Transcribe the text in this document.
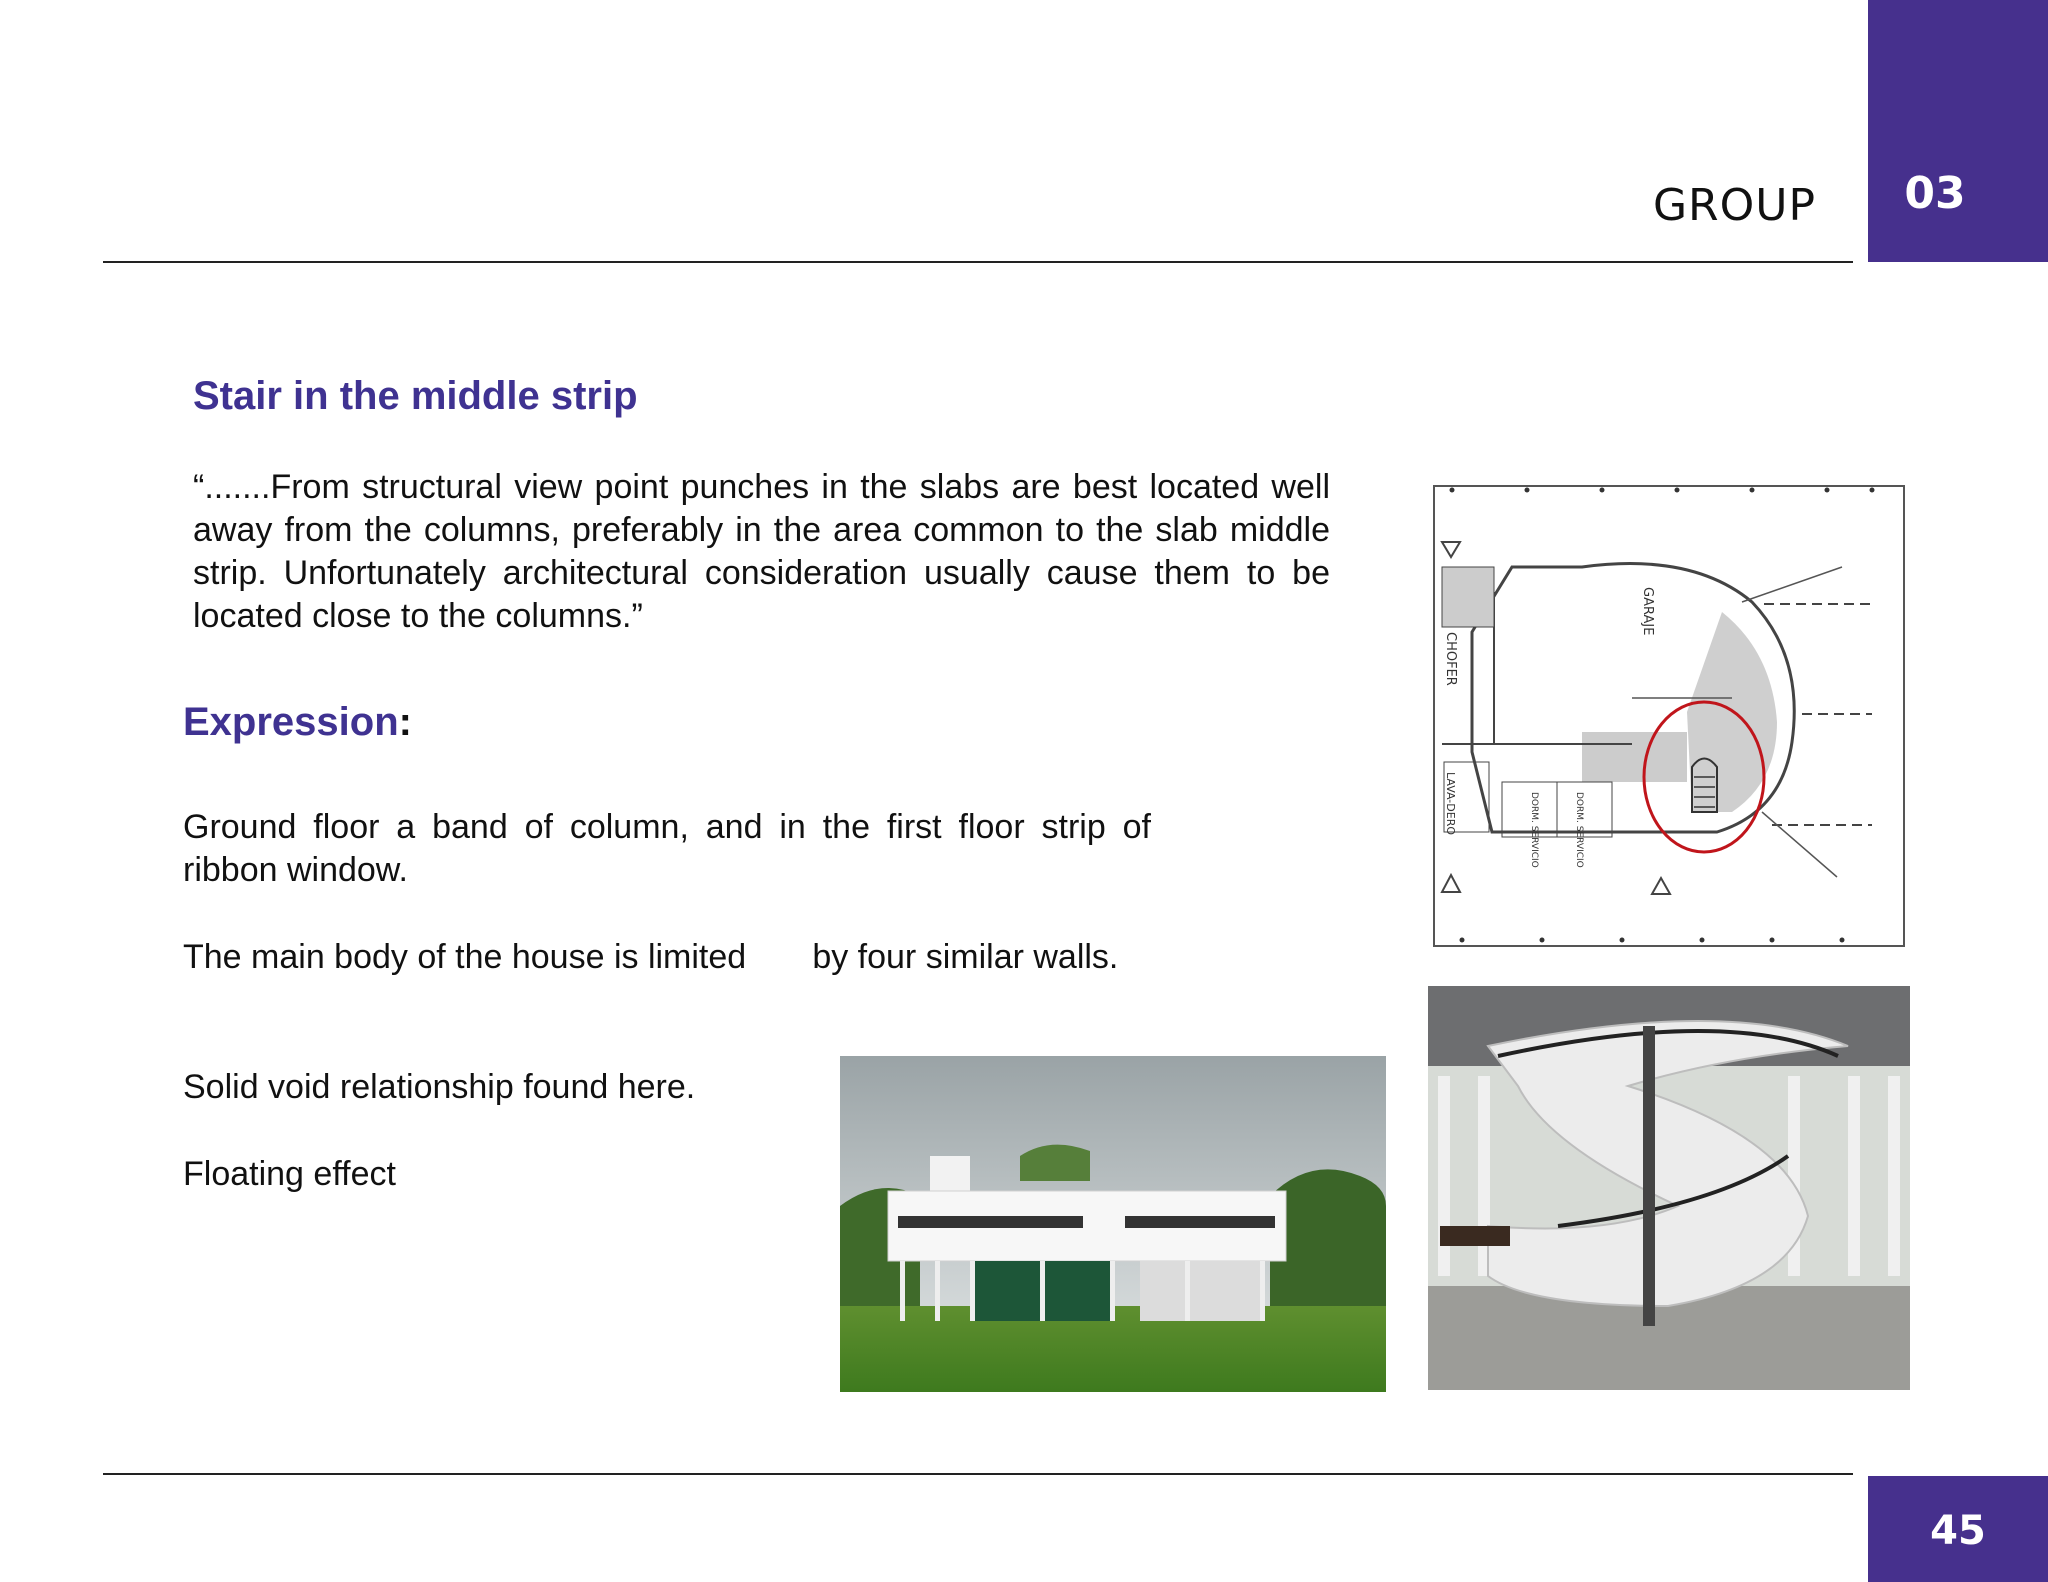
GROUP	03
Stair in the middle strip
“.......From structural view point punches in the slabs are best located well away from the columns, preferably in the area common to the slab middle strip. Unfortunately architectural consideration usually cause them to be located close to the columns.”
Expression:
Ground floor a band of column, and in the first floor strip of ribbon window.
The main body of the house is limited       by four similar walls.
Solid void relationship found here.
Floating effect
GARAJE
CHOFER
LAVA-DERO	DORM. SERVICIO	DORM. SERVICIO
45
